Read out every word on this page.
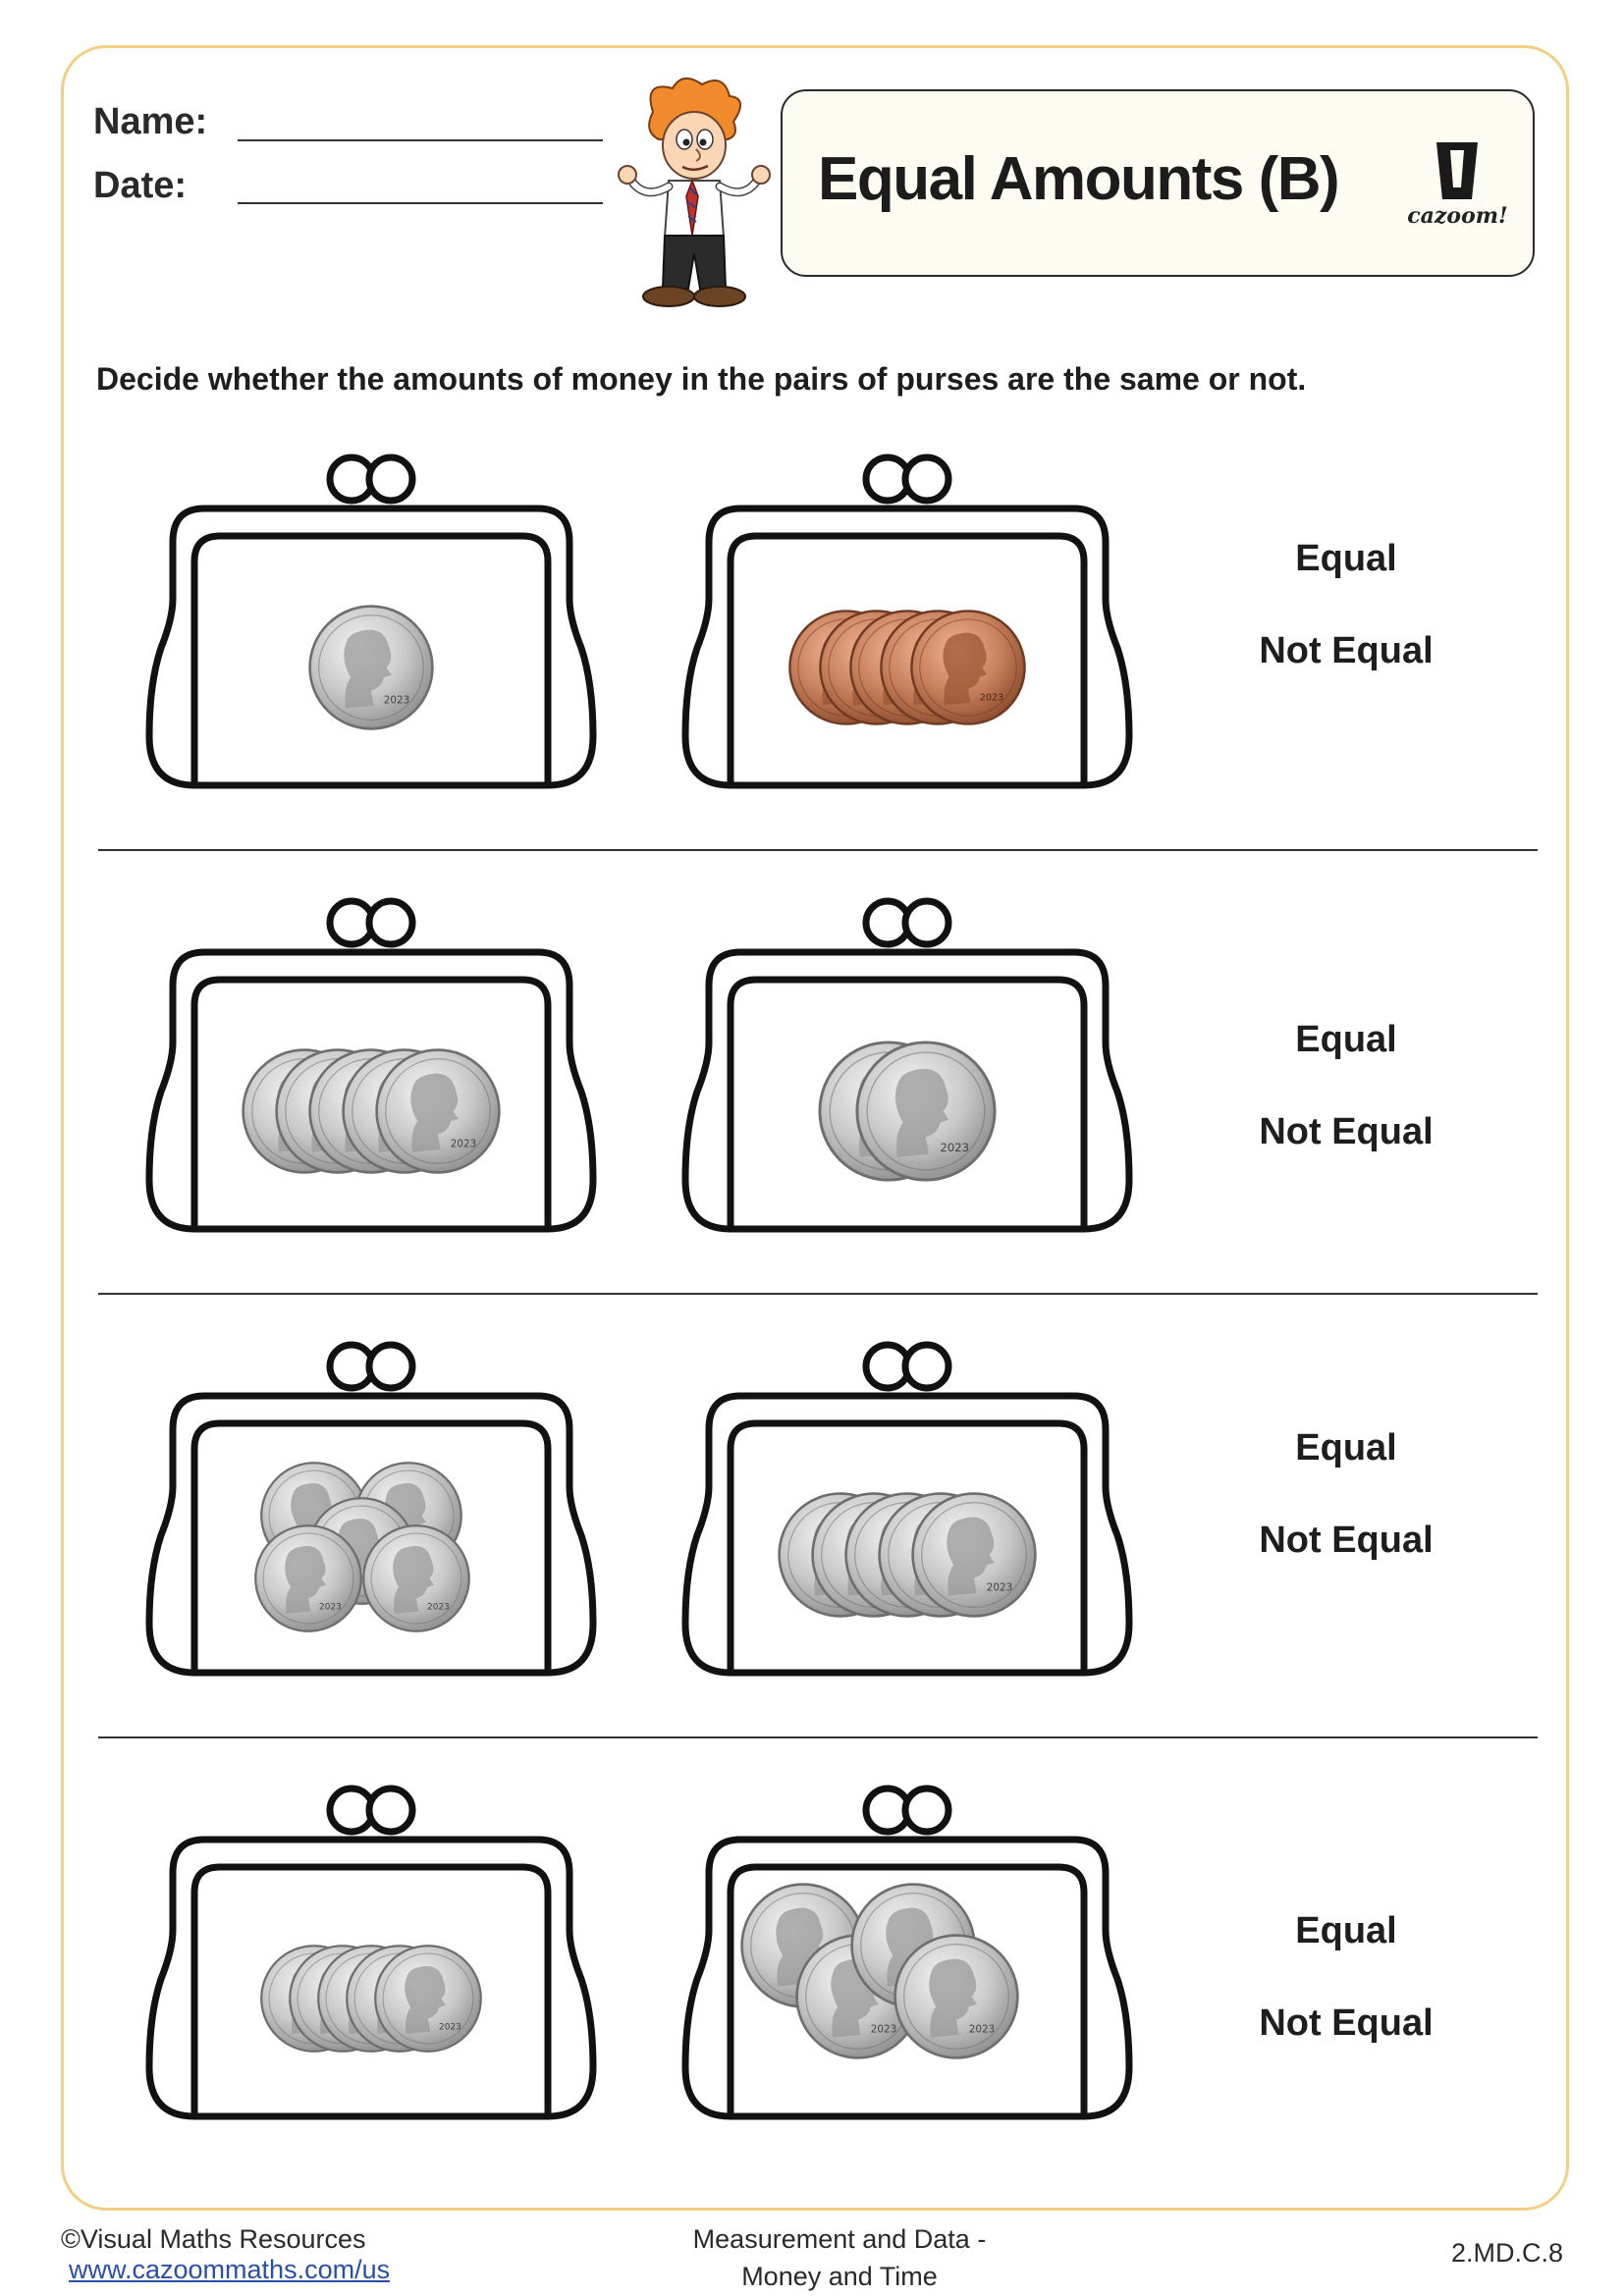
Name:
Date:	Equal Amounts (B)
cazoom!
Decide whether the amounts of money in the pairs of purses are the same or not.
Equal
Not Equal
2023	2023
Equal
Not Equal
2023	2023
Equal
Not Equal
2023	2023
2023
Equal
Not Equal
2023	2023	2023
©Visual Maths Resources
www.cazoommaths.com/us
Measurement and Data -
Money and Time
2.MD.C.8
